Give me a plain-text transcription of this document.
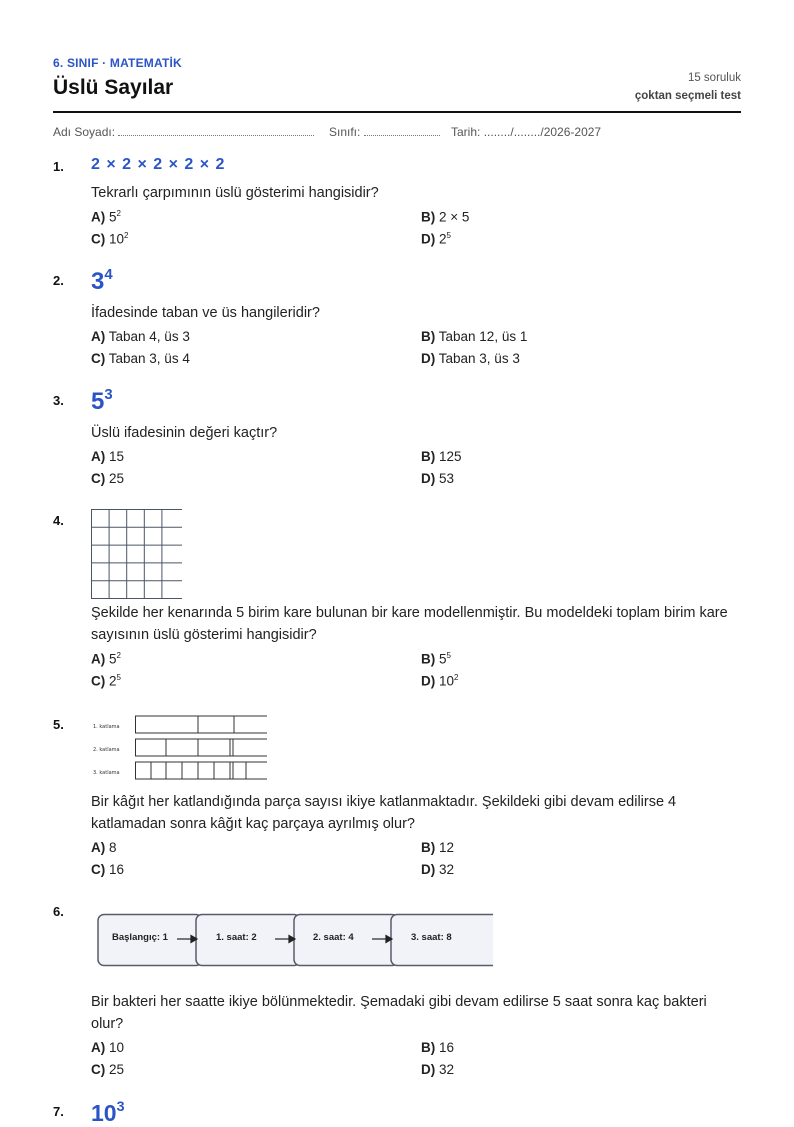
6. SINIF · MATEMATİK
Üslü Sayılar	15 soruluk
çoktan seçmeli test
Adı Soyadı:	Sınıfı:	Tarih: ......../......../2026-2027
1. 2 × 2 × 2 × 2 × 2
Tekrarlı çarpımının üslü gösterimi hangisidir?
A) $5^2$	B) 2 × 5
C) $10^2$	D) $2^5$
2. $3^4$
İfadesinde taban ve üs hangileridir?
A) Taban 4, üs 3	B) Taban 12, üs 1
C) Taban 3, üs 4	D) Taban 3, üs 3
3. $5^3$
Üslü ifadesinin değeri kaçtır?
A) 15	B) 125
C) 25	D) 53
4.
Şekilde her kenarında 5 birim kare bulunan bir kare modellenmiştir. Bu modeldeki toplam birim kare sayısının üslü gösterimi hangisidir?
A) $5^2$	B) $5^5$
C) $2^5$	D) $10^2$
5.	1. katlama
2. katlama
3. katlama
Bir kâğıt her katlandığında parça sayısı ikiye katlanmaktadır. Şekildeki gibi devam edilirse 4 katlamadan sonra kâğıt kaç parçaya ayrılmış olur?
A) 8	B) 12
C) 16	D) 32
6.
Başlangıç: 1	1. saat: 2	2. saat: 4	3. saat: 8
Bir bakteri her saatte ikiye bölünmektedir. Şemadaki gibi devam edilirse 5 saat sonra kaç bakteri olur?
A) 10	B) 16
C) 25	D) 32
7. $10^3$
